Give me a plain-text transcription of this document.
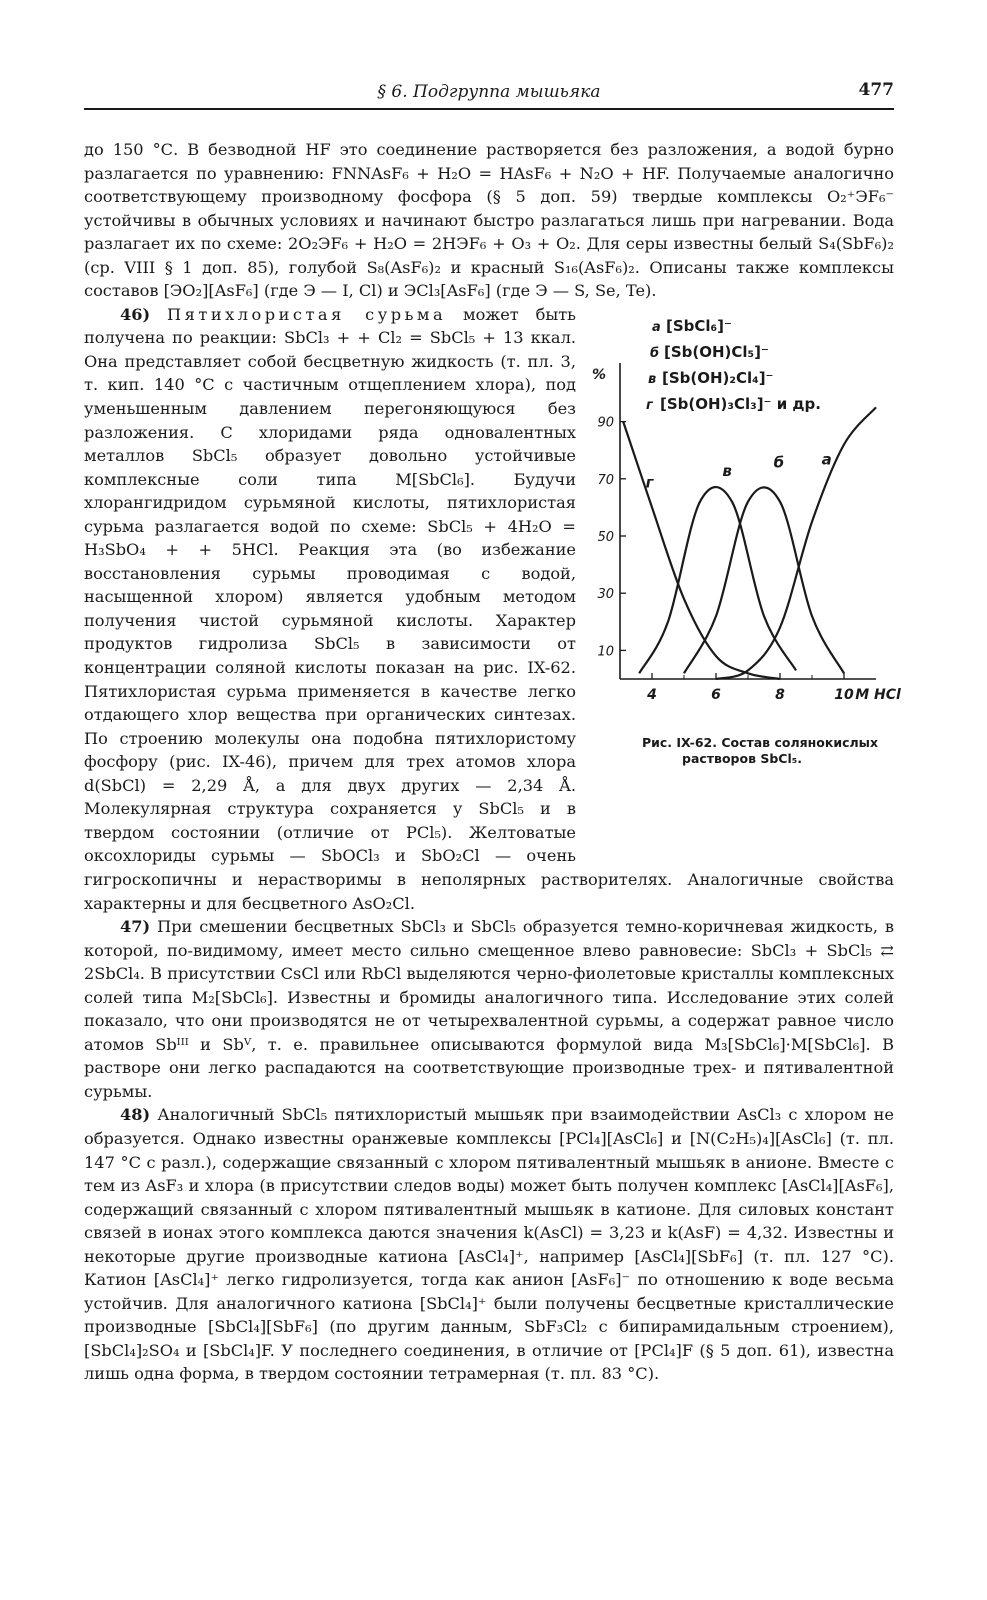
§ 6. Подгруппа мышьяка	477

до 150 °С. В безводной HF это соединение растворяется без разложения, а водой бурно разлагается по уравнению: FNNAsF₆ + H₂O = HAsF₆ + N₂O + HF. Получаемые аналогично соответствующему производному фосфора (§ 5 доп. 59) твердые комплексы O₂⁺ЭF₆⁻ устойчивы в обычных условиях и начинают быстро разлагаться лишь при нагревании. Вода разлагает их по схеме: 2O₂ЭF₆ + H₂O = 2HЭF₆ + O₃ + O₂. Для серы известны белый S₄(SbF₆)₂ (ср. VIII § 1 доп. 85), голубой S₈(AsF₆)₂ и красный S₁₆(AsF₆)₂. Описаны также комплексы составов [ЭO₂][AsF₆] (где Э — I, Cl) и ЭCl₃[AsF₆] (где Э — S, Se, Te).

46) Пятихлористая сурьма
а [SbCl₆]⁻
б [Sb(OH)Cl₅]⁻
в [Sb(OH)₂Cl₄]⁻
г [Sb(OH)₃Cl₃]⁻ и др.
10
30
50
70
90
4	6	8	10 M HCl
%
г
в	б	а
Рис. IX-62. Состав солянокислых растворов SbCl₅.
может быть получена по реакции: SbCl₃ + + Cl₂ = SbCl₅ + 13 ккал. Она представляет собой бесцветную жидкость (т. пл. 3, т. кип. 140 °С с частичным отщеплением хлора), под уменьшенным давлением перегоняющуюся без разложения. С хлоридами ряда одновалентных металлов SbCl₅ образует довольно устойчивые комплексные соли типа M[SbCl₆]. Будучи хлорангидридом сурьмяной кислоты, пятихлористая сурьма разлагается водой по схеме: SbCl₅ + 4H₂O = H₃SbO₄ + + 5HCl. Реакция эта (во избежание восстановления сурьмы проводимая с водой, насыщенной хлором) является удобным методом получения чистой сурьмяной кислоты. Характер продуктов гидролиза SbCl₅ в зависимости от концентрации соляной кислоты показан на рис. IX-62. Пятихлористая сурьма применяется в качестве легко отдающего хлор вещества при органических синтезах. По строению молекулы она подобна пятихлористому фосфору (рис. IX-46), причем для трех атомов хлора d(SbCl) = 2,29 Å, а для двух других — 2,34 Å. Молекулярная структура сохраняется у SbCl₅ и в твердом состоянии (отличие от PCl₅). Желтоватые оксохлориды сурьмы — SbOCl₃ и SbO₂Cl — очень гигроскопичны и нерастворимы в неполярных растворителях. Аналогичные свойства характерны и для бесцветного AsO₂Cl.

47) При смешении бесцветных SbCl₃ и SbCl₅ образуется темно-коричневая жидкость, в которой, по-видимому, имеет место сильно смещенное влево равновесие: SbCl₃ + SbCl₅ ⇄ 2SbCl₄. В присутствии CsCl или RbCl выделяются черно-фиолетовые кристаллы комплексных солей типа M₂[SbCl₆]. Известны и бромиды аналогичного типа. Исследование этих солей показало, что они производятся не от четырехвалентной сурьмы, а содержат равное число атомов Sbᴵᴵᴵ и Sbⱽ, т. е. правильнее описываются формулой вида M₃[SbCl₆]·M[SbCl₆]. В растворе они легко распадаются на соответствующие производные трех- и пятивалентной сурьмы.

48) Аналогичный SbCl₅ пятихлористый мышьяк при взаимодействии AsCl₃ с хлором не образуется. Однако известны оранжевые комплексы [PCl₄][AsCl₆] и [N(C₂H₅)₄][AsCl₆] (т. пл. 147 °С с разл.), содержащие связанный с хлором пятивалентный мышьяк в анионе. Вместе с тем из AsF₃ и хлора (в присутствии следов воды) может быть получен комплекс [AsCl₄][AsF₆], содержащий связанный с хлором пятивалентный мышьяк в катионе. Для силовых констант связей в ионах этого комплекса даются значения k(AsCl) = 3,23 и k(AsF) = 4,32. Известны и некоторые другие производные катиона [AsCl₄]⁺, например [AsCl₄][SbF₆] (т. пл. 127 °С). Катион [AsCl₄]⁺ легко гидролизуется, тогда как анион [AsF₆]⁻ по отношению к воде весьма устойчив. Для аналогичного катиона [SbCl₄]⁺ были получены бесцветные кристаллические производные [SbCl₄][SbF₆] (по другим данным, SbF₃Cl₂ с бипирамидальным строением), [SbCl₄]₂SO₄ и [SbCl₄]F. У последнего соединения, в отличие от [PCl₄]F (§ 5 доп. 61), известна лишь одна форма, в твердом состоянии тетрамерная (т. пл. 83 °С).
